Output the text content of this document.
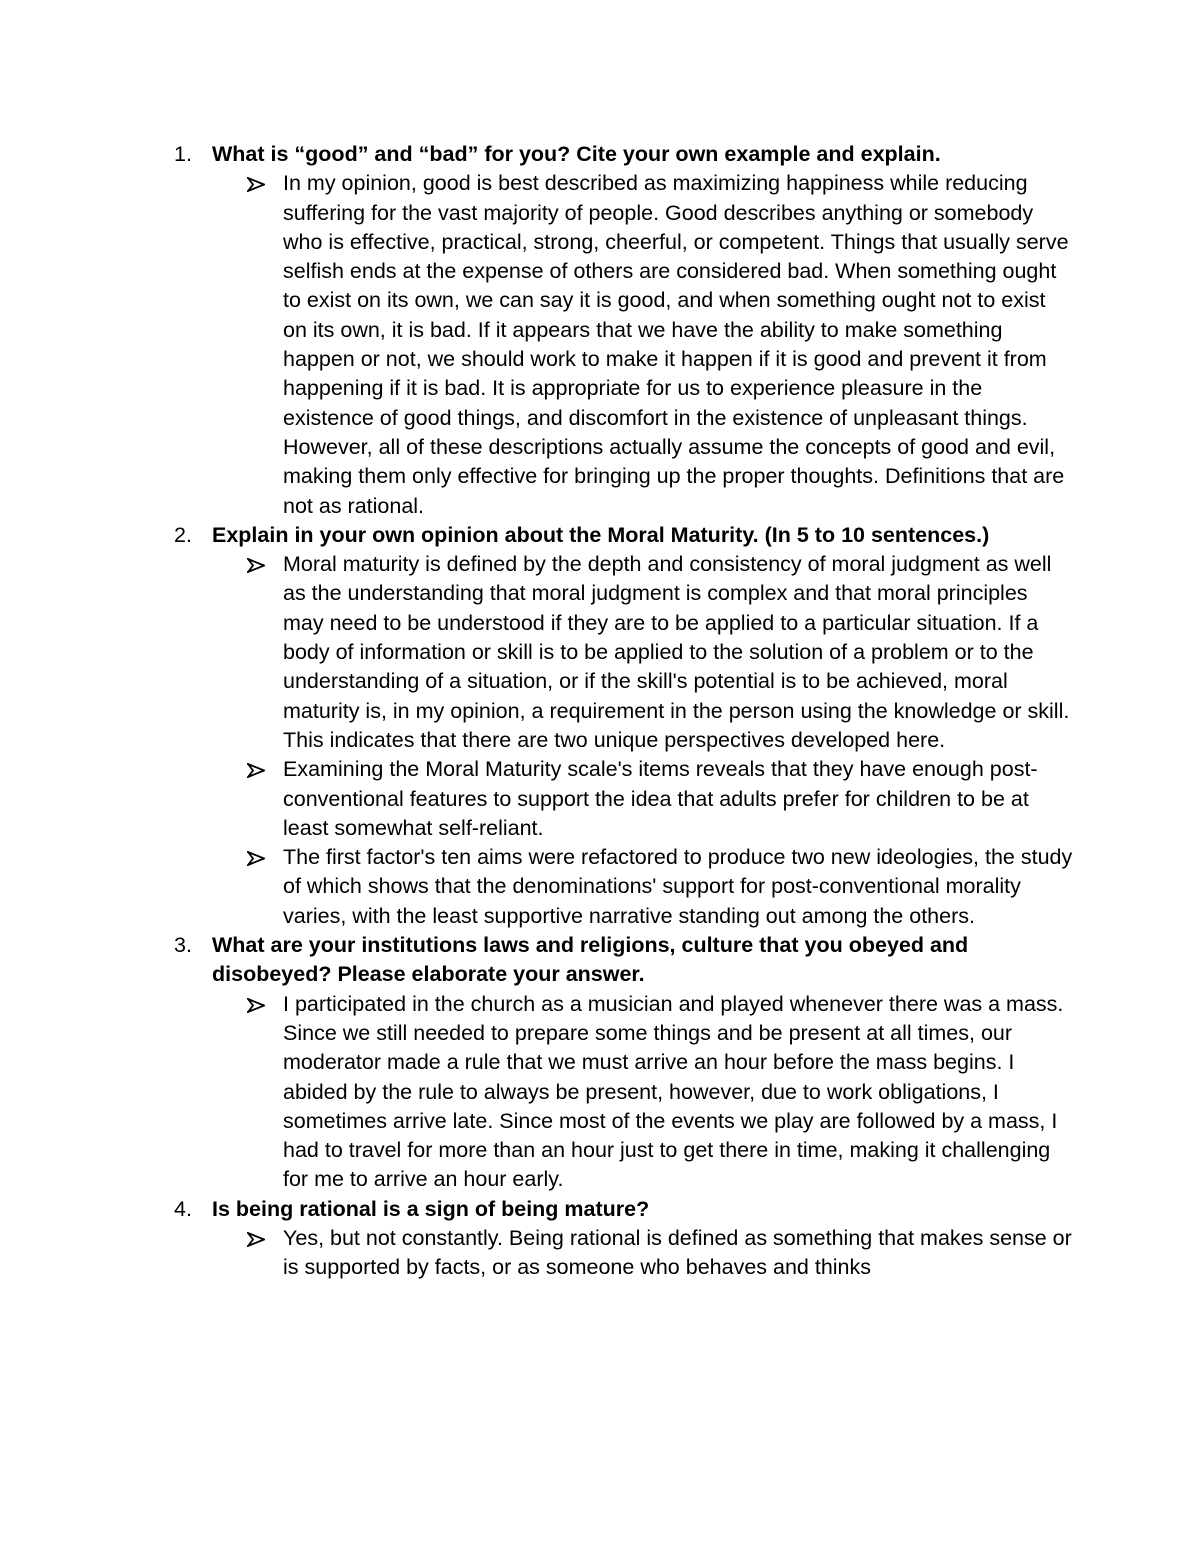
1. What is “good” and “bad” for you? Cite your own example and explain.
In my opinion, good is best described as maximizing happiness while reducing suffering for the vast majority of people. Good describes anything or somebody who is effective, practical, strong, cheerful, or competent. Things that usually serve selfish ends at the expense of others are considered bad. When something ought to exist on its own, we can say it is good, and when something ought not to exist on its own, it is bad. If it appears that we have the ability to make something happen or not, we should work to make it happen if it is good and prevent it from happening if it is bad. It is appropriate for us to experience pleasure in the existence of good things, and discomfort in the existence of unpleasant things. However, all of these descriptions actually assume the concepts of good and evil, making them only effective for bringing up the proper thoughts. Definitions that are not as rational.
2. Explain in your own opinion about the Moral Maturity. (In 5 to 10 sentences.)
Moral maturity is defined by the depth and consistency of moral judgment as well as the understanding that moral judgment is complex and that moral principles may need to be understood if they are to be applied to a particular situation. If a body of information or skill is to be applied to the solution of a problem or to the understanding of a situation, or if the skill's potential is to be achieved, moral maturity is, in my opinion, a requirement in the person using the knowledge or skill. This indicates that there are two unique perspectives developed here.
Examining the Moral Maturity scale's items reveals that they have enough post-conventional features to support the idea that adults prefer for children to be at least somewhat self-reliant.
The first factor's ten aims were refactored to produce two new ideologies, the study of which shows that the denominations' support for post-conventional morality varies, with the least supportive narrative standing out among the others.
3. What are your institutions laws and religions, culture that you obeyed and disobeyed? Please elaborate your answer.
I participated in the church as a musician and played whenever there was a mass. Since we still needed to prepare some things and be present at all times, our moderator made a rule that we must arrive an hour before the mass begins. I abided by the rule to always be present, however, due to work obligations, I sometimes arrive late. Since most of the events we play are followed by a mass, I had to travel for more than an hour just to get there in time, making it challenging for me to arrive an hour early.
4. Is being rational is a sign of being mature?
Yes, but not constantly. Being rational is defined as something that makes sense or is supported by facts, or as someone who behaves and thinks
